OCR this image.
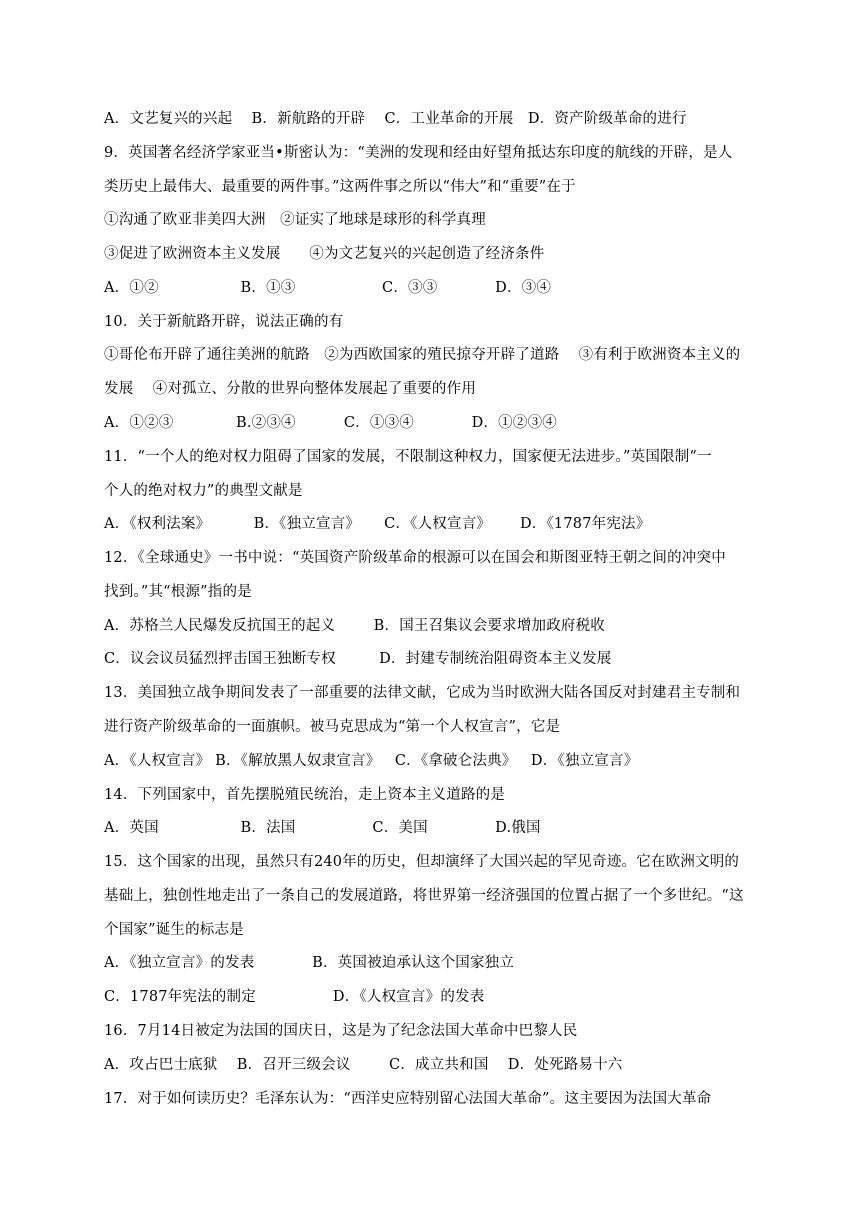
A．文艺复兴的兴起    B．新航路的开辟    C．工业革命的开展   D．资产阶级革命的进行
9．英国著名经济学家亚当•斯密认为：“美洲的发现和经由好望角抵达东印度的航线的开辟，是人
类历史上最伟大、最重要的两件事。”这两件事之所以“伟大”和“重要”在于
①沟通了欧亚非美四大洲   ②证实了地球是球形的科学真理
③促进了欧洲资本主义发展      ④为文艺复兴的兴起创造了经济条件
A．①②                 B．①③                  C．③③            D．③④
10．关于新航路开辟，说法正确的有
①哥伦布开辟了通往美洲的航路   ②为西欧国家的殖民掠夺开辟了道路    ③有利于欧洲资本主义的
发展    ④对孤立、分散的世界向整体发展起了重要的作用
A．①②③             B.②③④          C．①③④            D．①②③④
11．“一个人的绝对权力阻碍了国家的发展，不限制这种权力，国家便无法进步。”英国限制“一
个人的绝对权力”的典型文献是
A．《权利法案》         B．《独立宣言》     C．《人权宣言》      D．《1787年宪法》
12．《全球通史》一书中说：“英国资产阶级革命的根源可以在国会和斯图亚特王朝之间的冲突中
找到。”其“根源”指的是
A．苏格兰人民爆发反抗国王的起义        B．国王召集议会要求增加政府税收
C．议会议员猛烈抨击国王独断专权         D．封建专制统治阻碍资本主义发展
13．美国独立战争期间发表了一部重要的法律文献，它成为当时欧洲大陆各国反对封建君主专制和
进行资产阶级革命的一面旗帜。被马克思成为“第一个人权宣言”，它是
A．《人权宣言》 B．《解放黑人奴隶宣言》   C．《拿破仑法典》   D．《独立宣言》
14．下列国家中，首先摆脱殖民统治，走上资本主义道路的是
A．英国                 B．法国                C．美国              D.俄国
15．这个国家的出现，虽然只有240年的历史，但却演绎了大国兴起的罕见奇迹。它在欧洲文明的
基础上，独创性地走出了一条自己的发展道路，将世界第一经济强国的位置占据了一个多世纪。“这
个国家”诞生的标志是
A．《独立宣言》的发表            B．英国被迫承认这个国家独立
C．1787年宪法的制定                D．《人权宣言》的发表
16．7月14日被定为法国的国庆日，这是为了纪念法国大革命中巴黎人民
A．攻占巴士底狱    B．召开三级会议        C．成立共和国    D．处死路易十六
17．对于如何读历史？毛泽东认为：“西洋史应特别留心法国大革命”。这主要因为法国大革命
